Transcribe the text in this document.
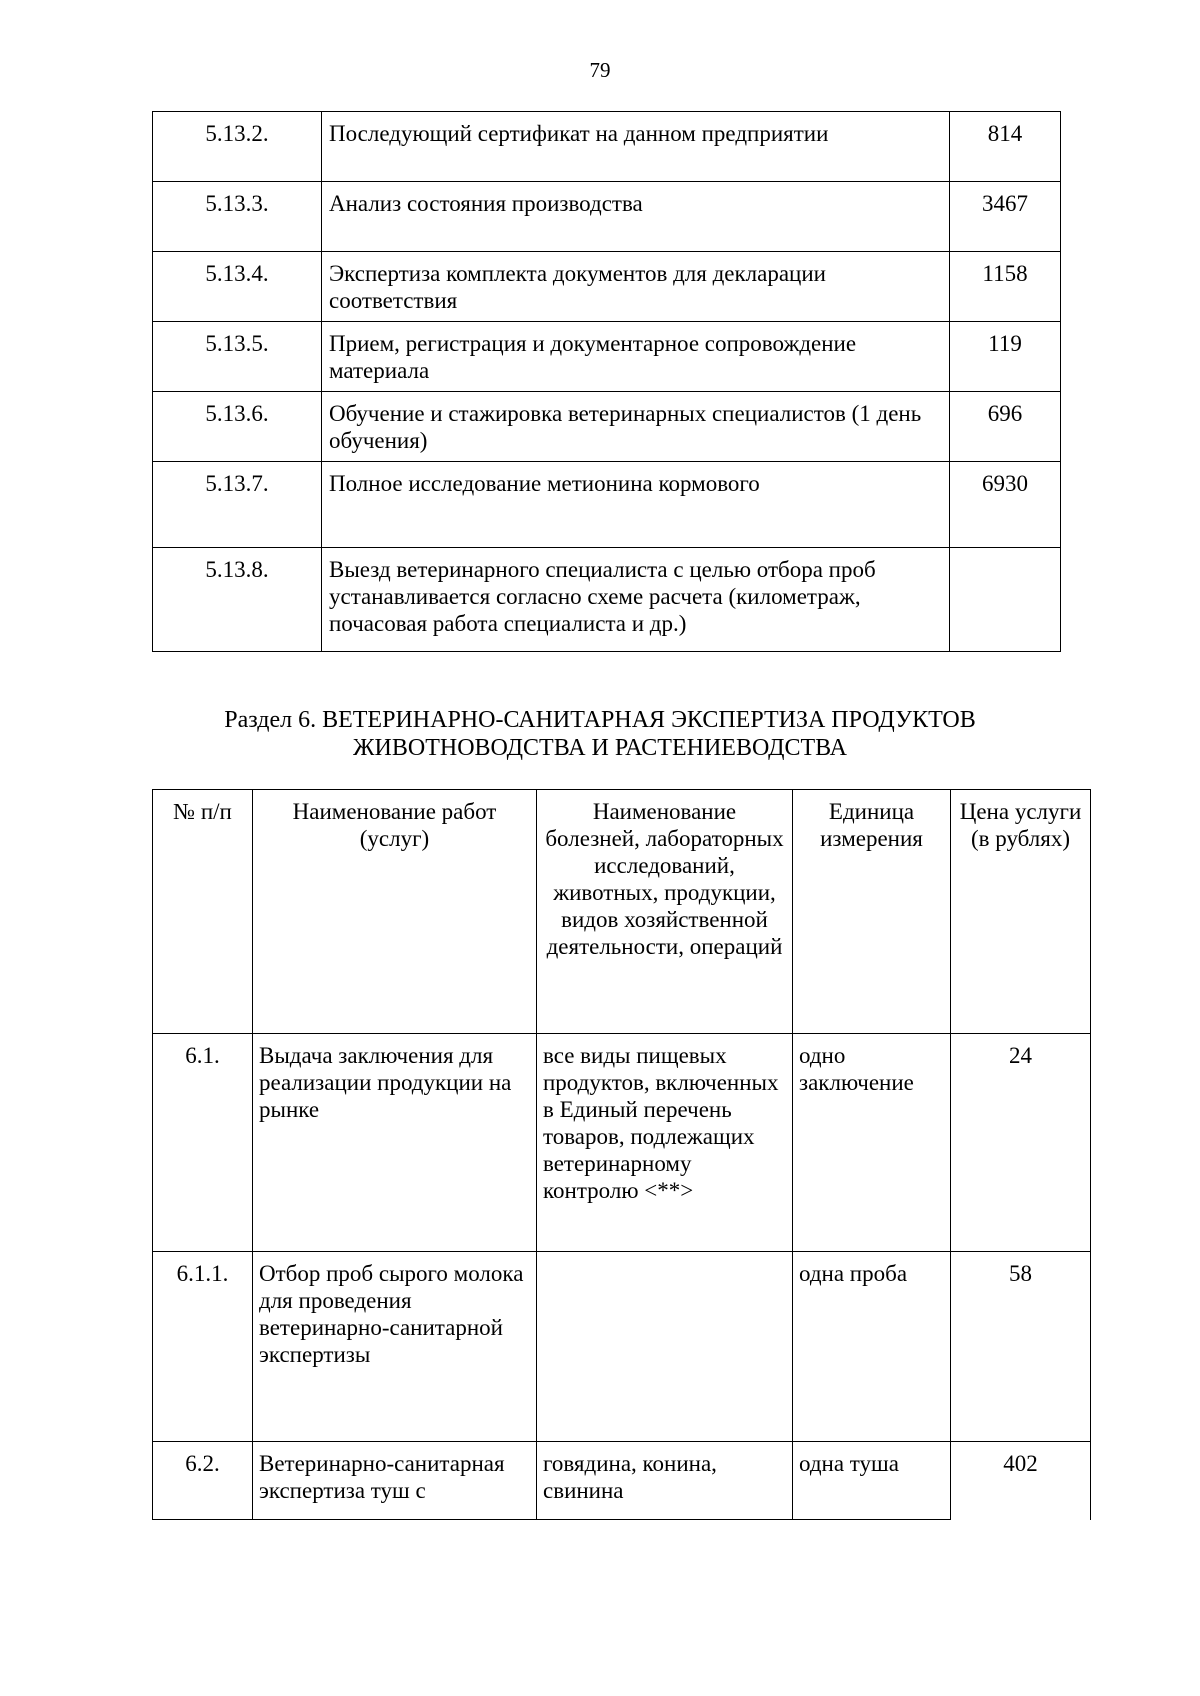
79
5.13.2.	Последующий сертификат на данном предприятии	814
5.13.3.	Анализ состояния производства	3467
5.13.4.	Экспертиза комплекта документов для декларации соответствия	1158
5.13.5.	Прием, регистрация и документарное сопровождение материала	119
5.13.6.	Обучение и стажировка ветеринарных специалистов (1 день обучения)	696
5.13.7.	Полное исследование метионина кормового	6930
5.13.8.	Выезд ветеринарного специалиста с целью отбора проб устанавливается согласно схеме расчета (километраж, почасовая работа специалиста и др.)	
Раздел 6. ВЕТЕРИНАРНО-САНИТАРНАЯ ЭКСПЕРТИЗА ПРОДУКТОВ
ЖИВОТНОВОДСТВА И РАСТЕНИЕВОДСТВА
№ п/п	Наименование работ (услуг)	Наименование болезней, лабораторных исследований, животных, продукции, видов хозяйственной деятельности, операций	Единица измерения	Цена услуги (в рублях)
6.1.	Выдача заключения для реализации продукции на рынке	все виды пищевых продуктов, включенных в Единый перечень товаров, подлежащих ветеринарному контролю <**>	одно заключение	24
6.1.1.	Отбор проб сырого молока для проведения ветеринарно-санитарной экспертизы		одна проба	58
6.2.	Ветеринарно-санитарная экспертиза туш с	говядина, конина, свинина	одна туша	402
